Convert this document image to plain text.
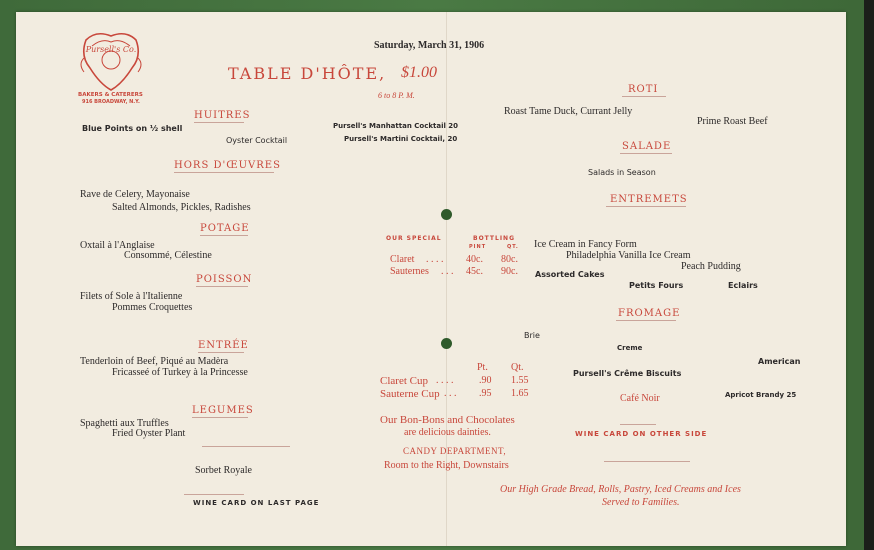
Pursell's Co.
BAKERS & CATERERS
916 BROADWAY, N.Y.
Saturday, March 31, 1906
TABLE D'HÔTE, $1.00
6 to 8 P. M.
HUITRES
Blue Points on ½ shell
Oyster Cocktail
Pursell's Manhattan Cocktail 20
Pursell's Martini Cocktail, 20
HORS D'ŒUVRES
Rave de Celery, Mayonaise
Salted Almonds, Pickles, Radishes
POTAGE
Oxtail à l'Anglaise
Consommé, Célestine
POISSON
Filets of Sole à l'Italienne
Pommes Croquettes
ENTRÉE
Tenderloin of Beef, Piqué au Madèra
Fricasseé of Turkey à la Princesse
LEGUMES
Spaghetti aux Truffles
Fried Oyster Plant
Sorbet Royale
WINE CARD ON LAST PAGE
OUR SPECIAL	BOTTLING
PINT	QT.
Claret . . . . 40c. 80c.
Sauternes . . . 45c. 90c.
Pt. Qt.
Claret Cup . . . .	.90 1.55
Sauterne Cup . . . .95 1.65
Our Bon-Bons and Chocolates
are delicious dainties.
CANDY DEPARTMENT,
Room to the Right, Downstairs
ROTI
Roast Tame Duck, Currant Jelly
Prime Roast Beef
SALADE
Salads in Season
ENTREMETS
Ice Cream in Fancy Form
Philadelphia Vanilla Ice Cream
Peach Pudding
Assorted Cakes
Petits Fours	Eclairs
FROMAGE
Brie
Creme
American
Pursell's Crême Biscuits
Café Noir	Apricot Brandy 25
WINE CARD ON OTHER SIDE
Our High Grade Bread, Rolls, Pastry, Iced Creams and Ices
Served to Families.
